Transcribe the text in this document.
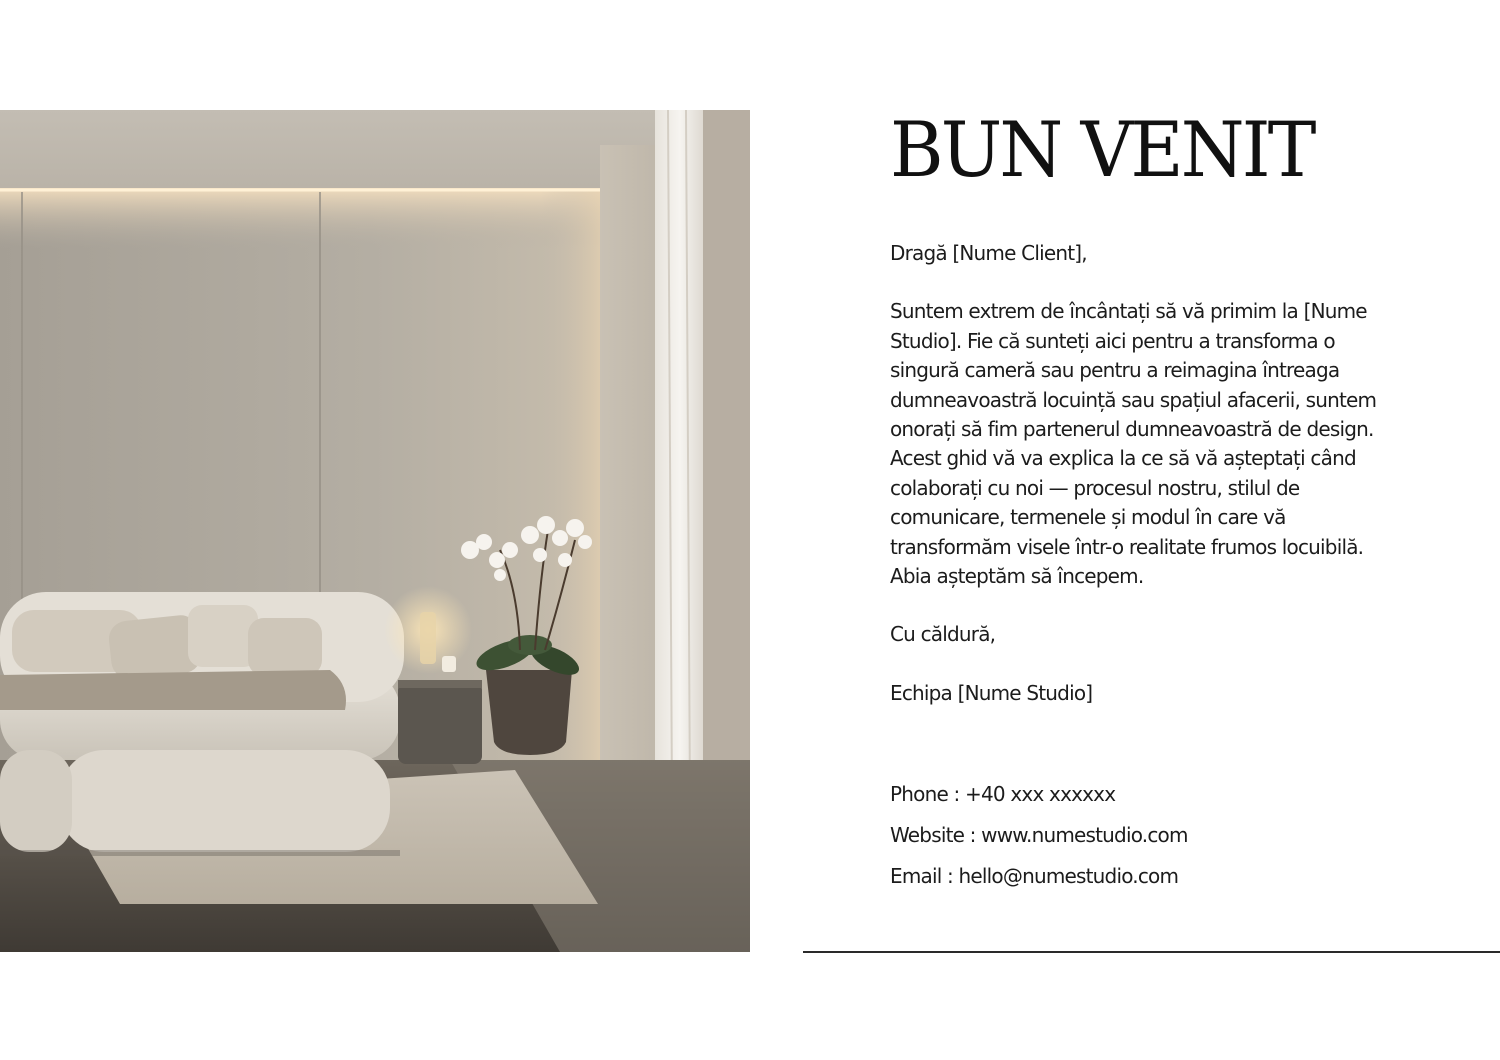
BUN VENIT

Dragă [Nume Client],

Suntem extrem de încântați să vă primim la [Nume Studio]. Fie că sunteți aici pentru a transforma o singură cameră sau pentru a reimagina întreaga dumneavoastră locuință sau spațiul afacerii, suntem onorați să fim partenerul dumneavoastră de design. Acest ghid vă va explica la ce să vă așteptați când colaborați cu noi — procesul nostru, stilul de comunicare, termenele și modul în care vă transformăm visele într-o realitate frumos locuibilă. Abia așteptăm să începem.

Cu căldură,

Echipa [Nume Studio]

Phone : +40 xxx xxxxxx
Website : www.numestudio.com
Email : hello@numestudio.com
